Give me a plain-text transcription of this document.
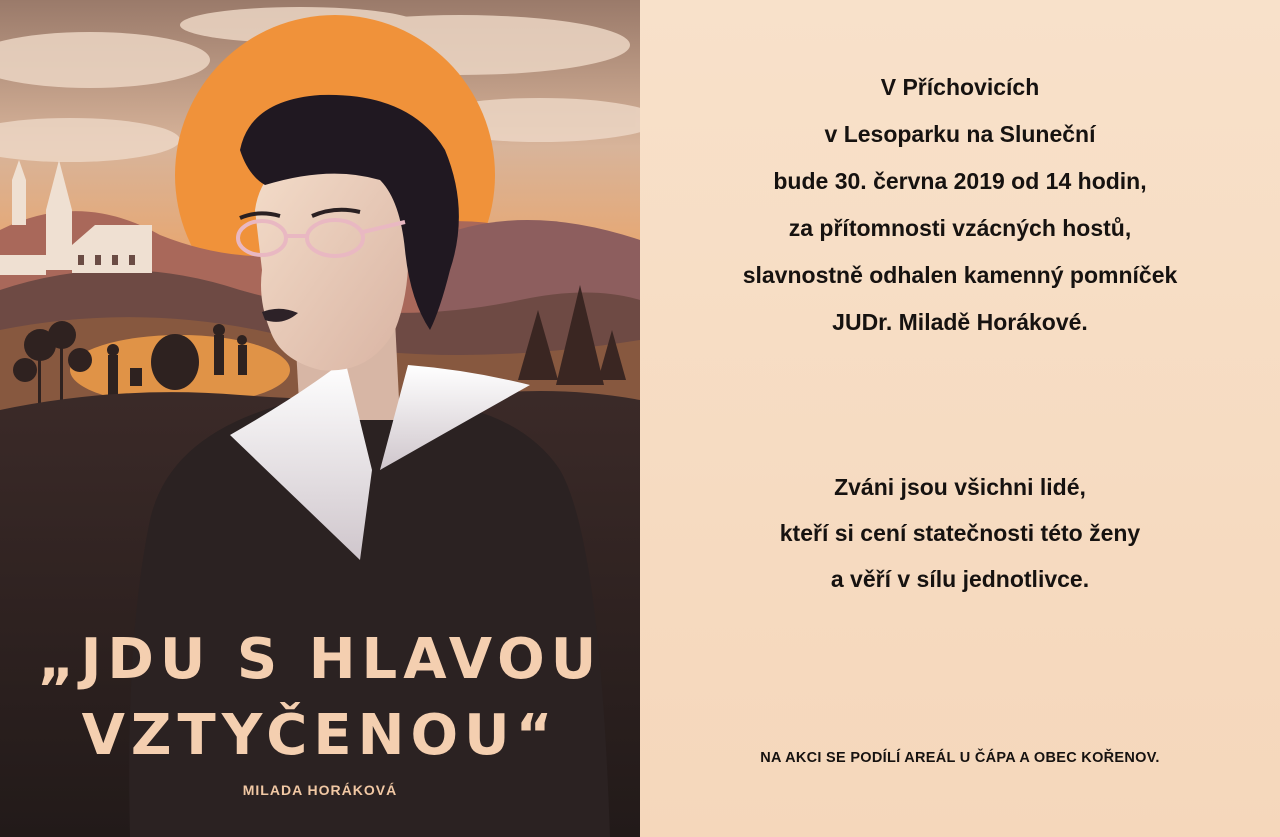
„JDU S HLAVOU
VZTYČENOU“
MILADA HORÁKOVÁ
V Příchovicích
v Lesoparku na Sluneční
bude 30. června 2019 od 14 hodin,
za přítomnosti vzácných hostů,
slavnostně odhalen kamenný pomníček
JUDr. Miladě Horákové.
Zváni jsou všichni lidé,
kteří si cení statečnosti této ženy
a věří v sílu jednotlivce.
NA AKCI SE PODÍLÍ AREÁL U ČÁPA A OBEC KOŘENOV.
